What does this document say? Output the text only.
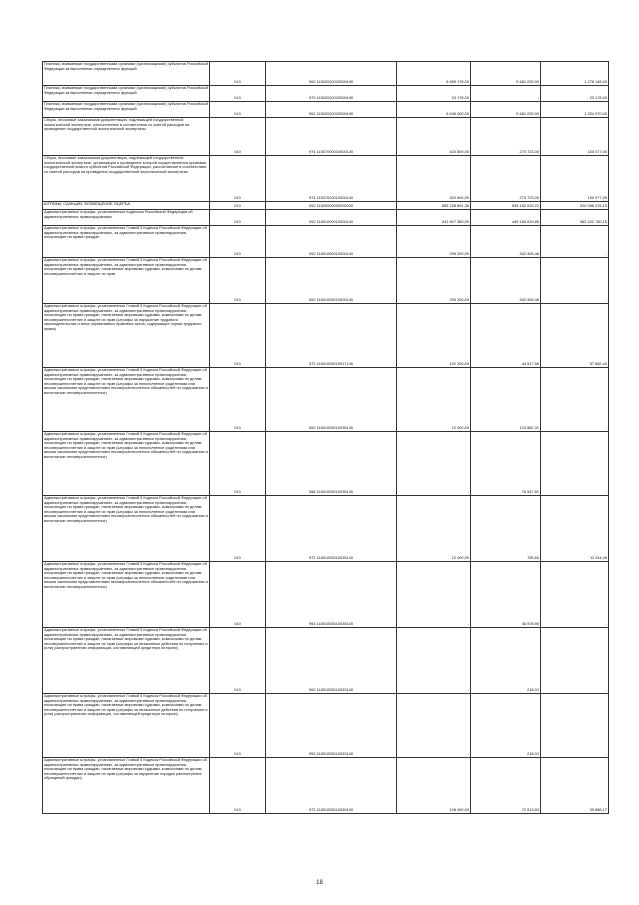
Платежи, взимаемые государственными органами (организациями) субъектов Российской Федерации за выполнение определенных функций	010	000 11502020020000140	6 659 178,00	5 681 030,00	1 278 148,00
Платежи, взимаемые государственными органами (организациями) субъектов Российской Федерации за выполнение определенных функций	010	970 11502020020000140	23 178,00	-	23 178,00
Платежи, взимаемые государственными органами (организациями) субъектов Российской Федерации за выполнение определенных функций	010	902 11502020020000140	6 636 000,00	5 681 030,00	1 254 970,00
Сборы, вносимые заказчиками документации, подлежащей государственной экологической экспертизе, рассчитанные в соответствии со сметой расходов на проведение государственной экологической экспертизы	010	974 11507000010000140	420 800,00	270 723,00	150 077,00
Сборы, вносимые заказчиками документации, подлежащей государственной экологической экспертизе, организация и проведение которой осуществляются органами государственной власти субъектов Российской Федерации, рассчитанные в соответствии со сметой расходов на проведение государственной экологической экспертизы	010	974 11507020010000140	420 800,00	270 723,00	150 077,00
ШТРАФЫ, САНКЦИИ, ВОЗМЕЩЕНИЕ УЩЕРБА	010	000 11600000000000000	855 228 891,36	535 162 515,22	320 066 376,13
Административные штрафы, установленные Кодексом Российской Федерации об административных правонарушениях	010	000 11601000010000140	811 607 380,00	449 184 619,85	362 422 760,15
Административные штрафы, установленные Главой 5 Кодекса Российской Федерации об административных правонарушениях, за административные правонарушения, посягающие на права граждан	010	000 11601050010000140	295 200,00	342 405,46	-
Административные штрафы, установленные Главой 5 Кодекса Российской Федерации об административных правонарушениях, за административные правонарушения, посягающие на права граждан, налагаемые мировыми судьями, комиссиями по делам несовершеннолетних и защите их прав	010	000 11601053010000140	295 200,00	342 405,46	-
Административные штрафы, установленные Главой 5 Кодекса Российской Федерации об административных правонарушениях, за административные правонарушения, посягающие на права граждан, налагаемые мировыми судьями, комиссиями по делам несовершеннолетних и защите их прав (штрафы за нарушение трудового законодательства и иных нормативных правовых актов, содержащих нормы трудового права)	010	972 11601053010027140	102 200,00	44 517,56	57 682,44
Административные штрафы, установленные Главой 5 Кодекса Российской Федерации об административных правонарушениях, за административные правонарушения, посягающие на права граждан, налагаемые мировыми судьями, комиссиями по делам несовершеннолетних и защите их прав (штрафы за неисполнение родителями или иными законными представителями несовершеннолетних обязанностей по содержанию и воспитанию несовершеннолетних)	010	000 11601053010035140	12 000,00	123 882,31	-
Административные штрафы, установленные Главой 5 Кодекса Российской Федерации об административных правонарушениях, за административные правонарушения, посягающие на права граждан, налагаемые мировыми судьями, комиссиями по делам несовершеннолетних и защите их прав (штрафы за неисполнение родителями или иными законными представителями несовершеннолетних обязанностей по содержанию и воспитанию несовершеннолетних)	010	068 11601053010035140	-	76 547,81	-
Административные штрафы, установленные Главой 5 Кодекса Российской Федерации об административных правонарушениях, за административные правонарушения, посягающие на права граждан, налагаемые мировыми судьями, комиссиями по делам несовершеннолетних и защите их прав (штрафы за неисполнение родителями или иными законными представителями несовершеннолетних обязанностей по содержанию и воспитанию несовершеннолетних)	010	972 11601053010035140	12 000,00	755,60	11 244,40
Административные штрафы, установленные Главой 5 Кодекса Российской Федерации об административных правонарушениях, за административные правонарушения, посягающие на права граждан, налагаемые мировыми судьями, комиссиями по делам несовершеннолетних и защите их прав (штрафы за неисполнение родителями или иными законными представителями несовершеннолетних обязанностей по содержанию и воспитанию несовершеннолетних)	010	993 11601053010035140	-	46 578,90	-
Административные штрафы, установленные Главой 5 Кодекса Российской Федерации об административных правонарушениях, за административные правонарушения, посягающие на права граждан, налагаемые мировыми судьями, комиссиями по делам несовершеннолетних и защите их прав (штрафы за незаконные действия по получению и (или) распространению информации, составляющей кредитную историю)	010	000 11601053010053140	-	218,01	-
Административные штрафы, установленные Главой 5 Кодекса Российской Федерации об административных правонарушениях, за административные правонарушения, посягающие на права граждан, налагаемые мировыми судьями, комиссиями по делам несовершеннолетних и защите их прав (штрафы за незаконные действия по получению и (или) распространению информации, составляющей кредитную историю)	010	993 11601053010053140	-	218,01	-
Административные штрафы, установленные Главой 5 Кодекса Российской Федерации об административных правонарушениях, за административные правонарушения, посягающие на права граждан, налагаемые мировыми судьями, комиссиями по делам несовершеннолетних и защите их прав (штрафы за нарушение порядка рассмотрения обращений граждан)	010	972 11601053010059140	108 400,00	72 513,83	35 886,17
18
